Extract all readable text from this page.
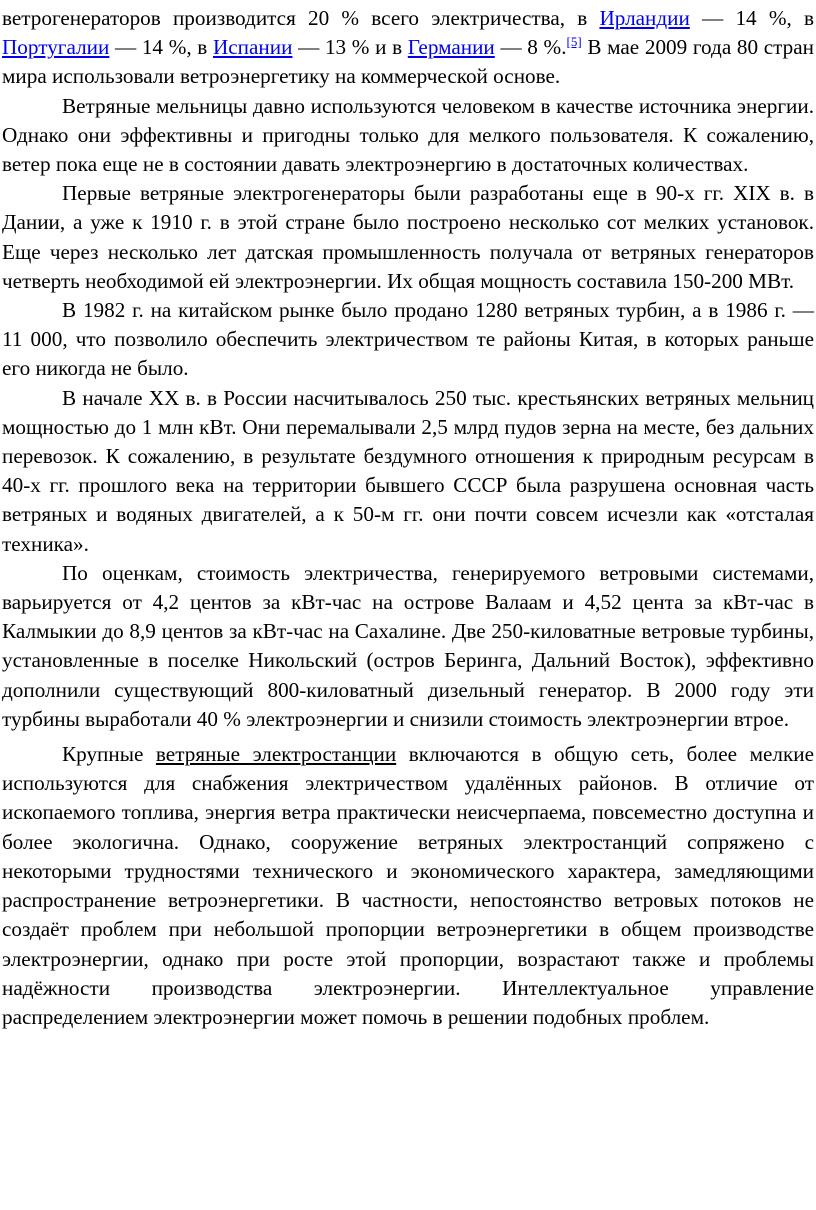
ветрогенераторов производится 20 % всего электричества, в Ирландии — 14 %, в Португалии — 14 %, в Испании — 13 % и в Германии — 8 %.[5] В мае 2009 года 80 стран мира использовали ветроэнергетику на коммерческой основе.

Ветряные мельницы давно используются человеком в качестве источника энергии. Однако они эффективны и пригодны только для мелкого пользователя. К сожалению, ветер пока еще не в состоянии давать электроэнергию в достаточных количествах.

Первые ветряные электрогенераторы были разработаны еще в 90-х гг. XIX в. в Дании, а уже к 1910 г. в этой стране было построено несколько сот мелких установок. Еще через несколько лет датская промышленность получала от ветряных генераторов четверть необходимой ей электроэнергии. Их общая мощность составила 150-200 МВт.

В 1982 г. на китайском рынке было продано 1280 ветряных турбин, а в 1986 г. — 11 000, что позволило обеспечить электричеством те районы Китая, в которых раньше его никогда не было.

В начале XX в. в России насчитывалось 250 тыс. крестьянских ветряных мельниц мощностью до 1 млн кВт. Они перемалывали 2,5 млрд пудов зерна на месте, без дальних перевозок. К сожалению, в результате бездумного отношения к природным ресурсам в 40-х гг. прошлого века на территории бывшего СССР была разрушена основная часть ветряных и водяных двигателей, а к 50-м гг. они почти совсем исчезли как «отсталая техника».

По оценкам, стоимость электричества, генерируемого ветровыми системами, варьируется от 4,2 центов за кВт-час на острове Валаам и 4,52 цента за кВт-час в Калмыкии до 8,9 центов за кВт-час на Сахалине. Две 250-киловатные ветровые турбины, установленные в поселке Никольский (остров Беринга, Дальний Восток), эффективно дополнили существующий 800-киловатный дизельный генератор. В 2000 году эти турбины выработали 40 % электроэнергии и снизили стоимость электроэнергии втрое.

Крупные ветряные электростанции включаются в общую сеть, более мелкие используются для снабжения электричеством удалённых районов. В отличие от ископаемого топлива, энергия ветра практически неисчерпаема, повсеместно доступна и более экологична. Однако, сооружение ветряных электростанций сопряжено с некоторыми трудностями технического и экономического характера, замедляющими распространение ветроэнергетики. В частности, непостоянство ветровых потоков не создаёт проблем при небольшой пропорции ветроэнергетики в общем производстве электроэнергии, однако при росте этой пропорции, возрастают также и проблемы надёжности производства электроэнергии. Интеллектуальное управление распределением электроэнергии может помочь в решении подобных проблем.
